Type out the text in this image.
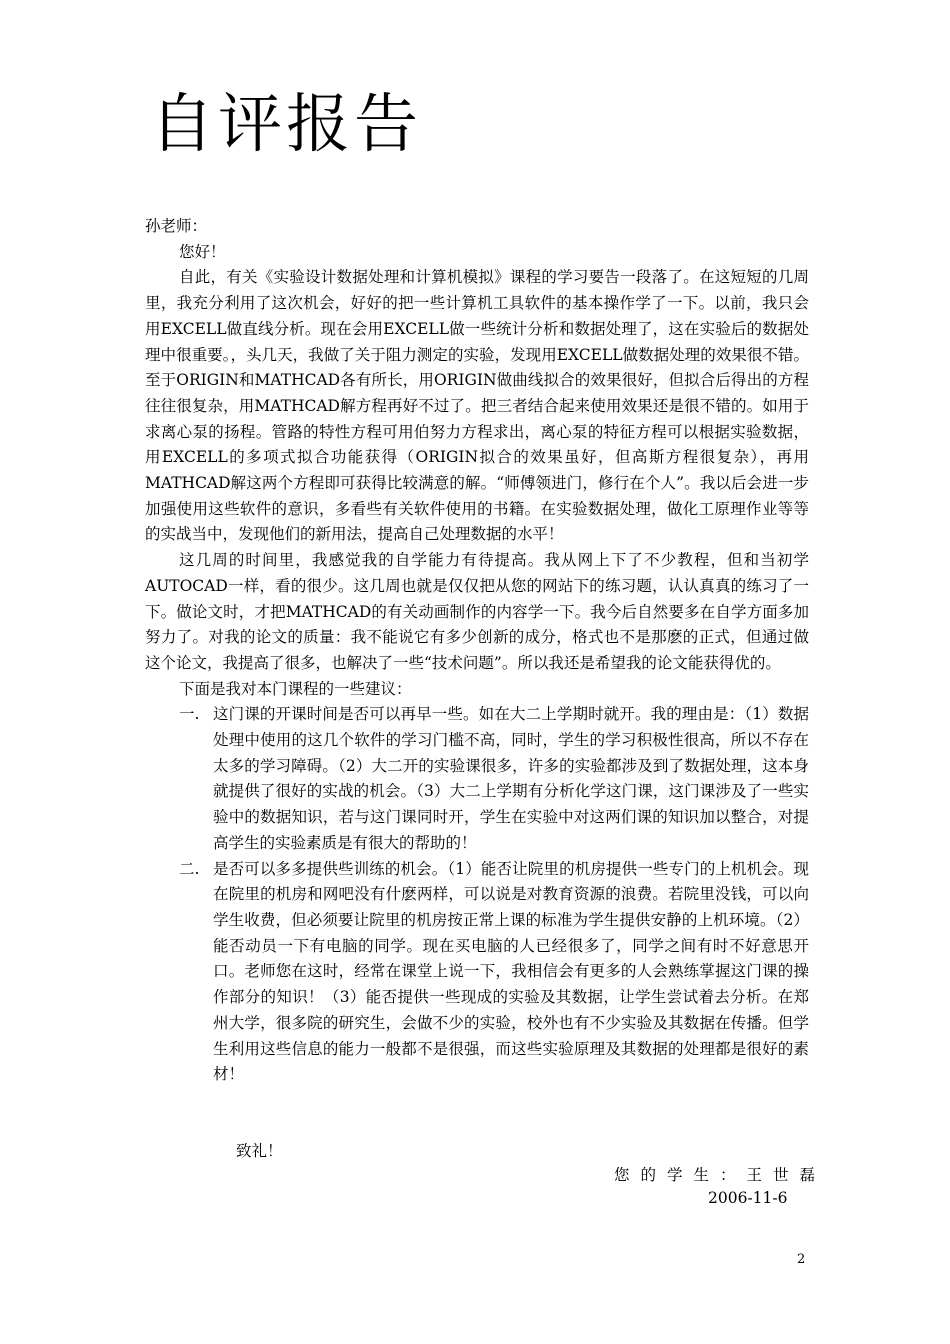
自评报告

孙老师：

您好！

自此，有关《实验设计数据处理和计算机模拟》课程的学习要告一段落了。在这短短的几周里，我充分利用了这次机会，好好的把一些计算机工具软件的基本操作学了一下。以前，我只会用EXCELL做直线分析。现在会用EXCELL做一些统计分析和数据处理了，这在实验后的数据处理中很重要。，头几天，我做了关于阻力测定的实验，发现用EXCELL做数据处理的效果很不错。至于ORIGIN和MATHCAD各有所长，用ORIGIN做曲线拟合的效果很好，但拟合后得出的方程往往很复杂，用MATHCAD解方程再好不过了。把三者结合起来使用效果还是很不错的。如用于求离心泵的扬程。管路的特性方程可用伯努力方程求出，离心泵的特征方程可以根据实验数据，用EXCELL的多项式拟合功能获得（ORIGIN拟合的效果虽好，但高斯方程很复杂），再用MATHCAD解这两个方程即可获得比较满意的解。“师傅领进门，修行在个人”。我以后会进一步加强使用这些软件的意识，多看些有关软件使用的书籍。在实验数据处理，做化工原理作业等等的实战当中，发现他们的新用法，提高自己处理数据的水平！

这几周的时间里，我感觉我的自学能力有待提高。我从网上下了不少教程，但和当初学AUTOCAD一样，看的很少。这几周也就是仅仅把从您的网站下的练习题，认认真真的练习了一下。做论文时，才把MATHCAD的有关动画制作的内容学一下。我今后自然要多在自学方面多加努力了。对我的论文的质量：我不能说它有多少创新的成分，格式也不是那麽的正式，但通过做这个论文，我提高了很多，也解决了一些“技术问题”。所以我还是希望我的论文能获得优的。

下面是我对本门课程的一些建议：

一. 这门课的开课时间是否可以再早一些。如在大二上学期时就开。我的理由是：（1）数据处理中使用的这几个软件的学习门槛不高，同时，学生的学习积极性很高，所以不存在太多的学习障碍。（2）大二开的实验课很多，许多的实验都涉及到了数据处理，这本身就提供了很好的实战的机会。（3）大二上学期有分析化学这门课，这门课涉及了一些实验中的数据知识，若与这门课同时开，学生在实验中对这两们课的知识加以整合，对提高学生的实验素质是有很大的帮助的！

二. 是否可以多多提供些训练的机会。（1）能否让院里的机房提供一些专门的上机机会。现在院里的机房和网吧没有什麽两样，可以说是对教育资源的浪费。若院里没钱，可以向学生收费，但必须要让院里的机房按正常上课的标准为学生提供安静的上机环境。（2）能否动员一下有电脑的同学。现在买电脑的人已经很多了，同学之间有时不好意思开口。老师您在这时，经常在课堂上说一下，我相信会有更多的人会熟练掌握这门课的操作部分的知识！（3）能否提供一些现成的实验及其数据，让学生尝试着去分析。在郑州大学，很多院的研究生，会做不少的实验，校外也有不少实验及其数据在传播。但学生利用这些信息的能力一般都不是很强，而这些实验原理及其数据的处理都是很好的素材！

致礼！
您的学生：王世磊
2006-11-6
2
